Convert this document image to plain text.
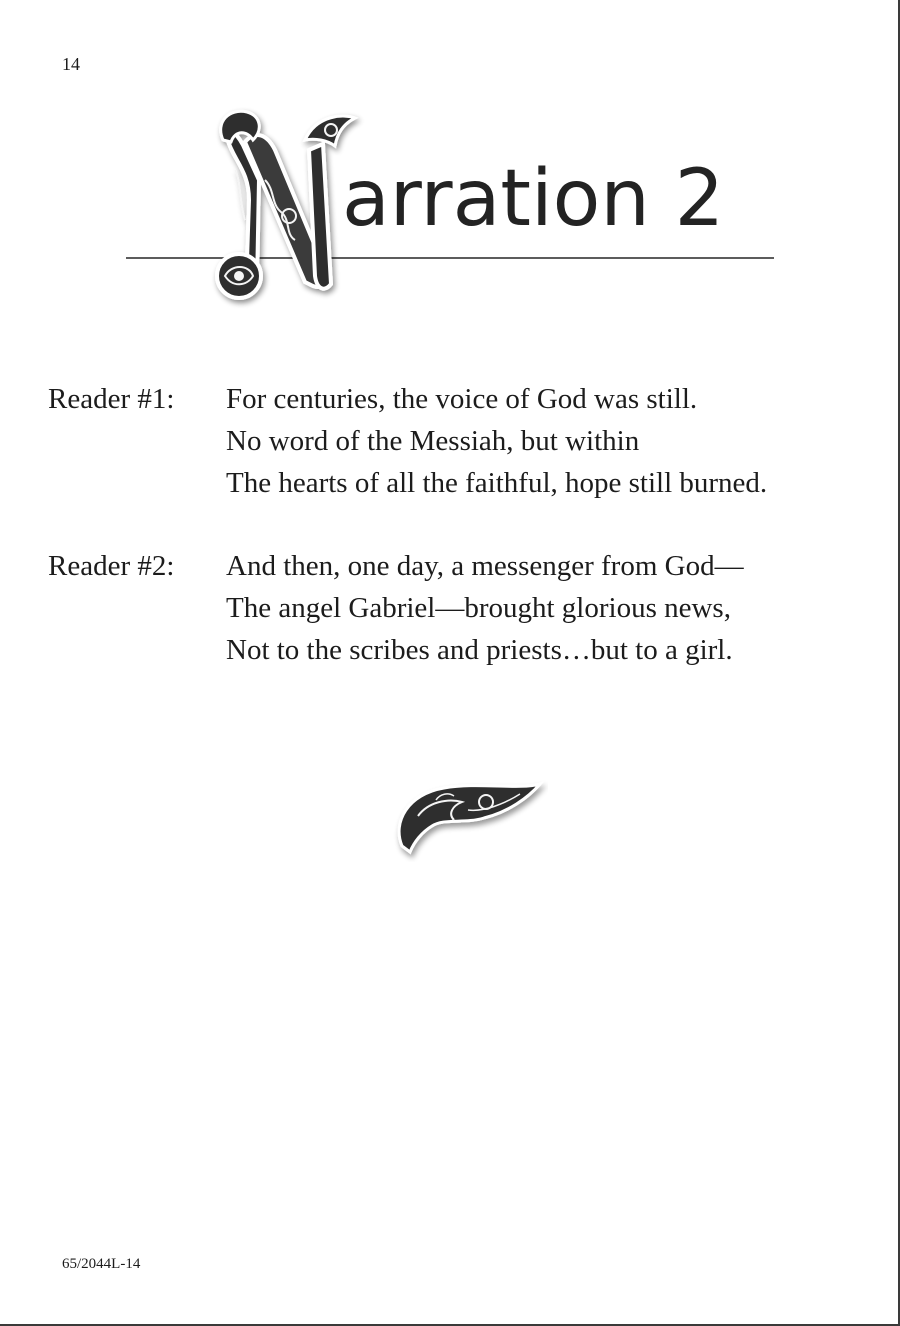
14
arration 2
Reader #1: For centuries, the voice of God was still.
No word of the Messiah, but within
The hearts of all the faithful, hope still burned.
Reader #2: And then, one day, a messenger from God—
The angel Gabriel—brought glorious news,
Not to the scribes and priests…but to a girl.
65/2044L-14
